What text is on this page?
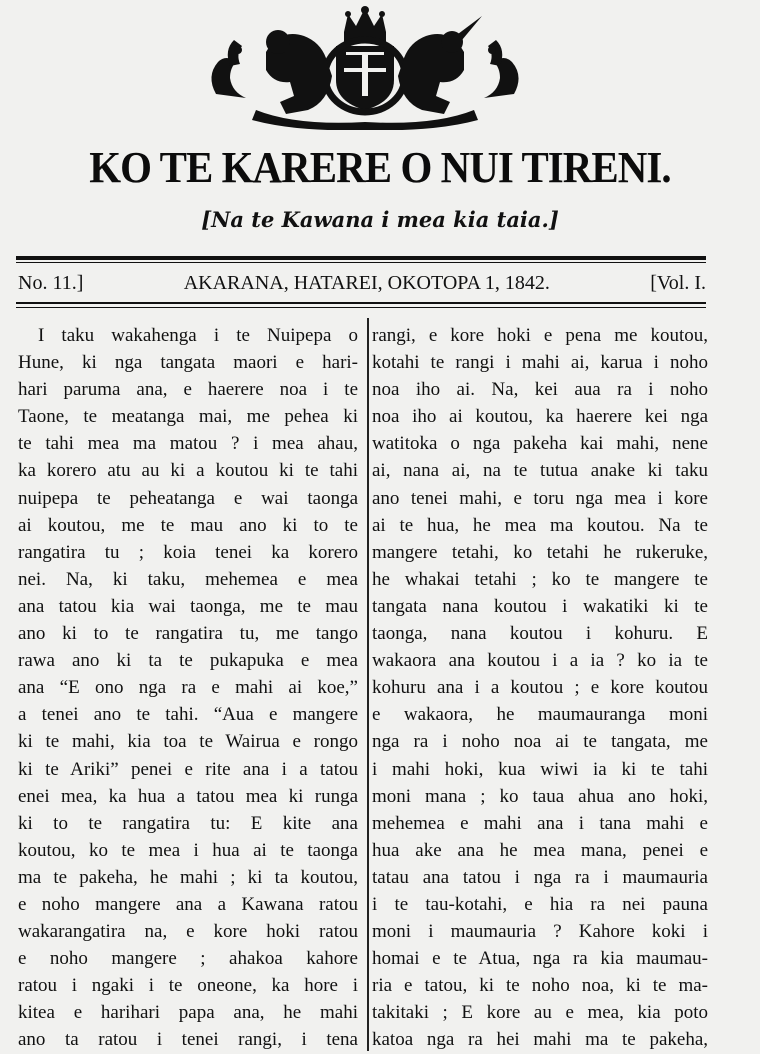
KO TE KARERE O NUI TIRENI.
[Na te Kawana i mea kia taia.]
No. 11.]	AKARANA, HATAREI, OKOTOPA 1, 1842.	[Vol. I.
I taku wakahenga i te Nuipepa o
Hune, ki nga tangata maori e hari-
hari paruma ana, e haerere noa i te
Taone, te meatanga mai, me pehea ki
te tahi mea ma matou ? i mea ahau,
ka korero atu au ki a koutou ki te tahi
nuipepa te peheatanga e wai taonga
ai koutou, me te mau ano ki to te
rangatira tu ; koia tenei ka korero
nei. Na, ki taku, mehemea e mea
ana tatou kia wai taonga, me te mau
ano ki to te rangatira tu, me tango
rawa ano ki ta te pukapuka e mea
ana “E ono nga ra e mahi ai koe,”
a tenei ano te tahi. “Aua e mangere
ki te mahi, kia toa te Wairua e rongo
ki te Ariki” penei e rite ana i a tatou
enei mea, ka hua a tatou mea ki runga
ki to te rangatira tu: E kite ana
koutou, ko te mea i hua ai te taonga
ma te pakeha, he mahi ; ki ta koutou,
e noho mangere ana a Kawana ratou
wakarangatira na, e kore hoki ratou
e noho mangere ; ahakoa kahore
ratou i ngaki i te oneone, ka hore i
kitea e harihari papa ana, he mahi
ano ta ratou i tenei rangi, i tena
rangi, e kore hoki e pena me koutou,
kotahi te rangi i mahi ai, karua i noho
noa iho ai. Na, kei aua ra i noho
noa iho ai koutou, ka haerere kei nga
watitoka o nga pakeha kai mahi, nene
ai, nana ai, na te tutua anake ki taku
ano tenei mahi, e toru nga mea i kore
ai te hua, he mea ma koutou. Na te
mangere tetahi, ko tetahi he rukeruke,
he whakai tetahi ; ko te mangere te
tangata nana koutou i wakatiki ki te
taonga, nana koutou i kohuru. E
wakaora ana koutou i a ia ? ko ia te
kohuru ana i a koutou ; e kore koutou
e wakaora, he maumauranga moni
nga ra i noho noa ai te tangata, me
i mahi hoki, kua wiwi ia ki te tahi
moni mana ; ko taua ahua ano hoki,
mehemea e mahi ana i tana mahi e
hua ake ana he mea mana, penei e
tatau ana tatou i nga ra i maumauria
i te tau-kotahi, e hia ra nei pauna
moni i maumauria ? Kahore koki i
homai e te Atua, nga ra kia maumau-
ria e tatou, ki te noho noa, ki te ma-
takitaki ; E kore au e mea, kia poto
katoa nga ra hei mahi ma te pakeha,
